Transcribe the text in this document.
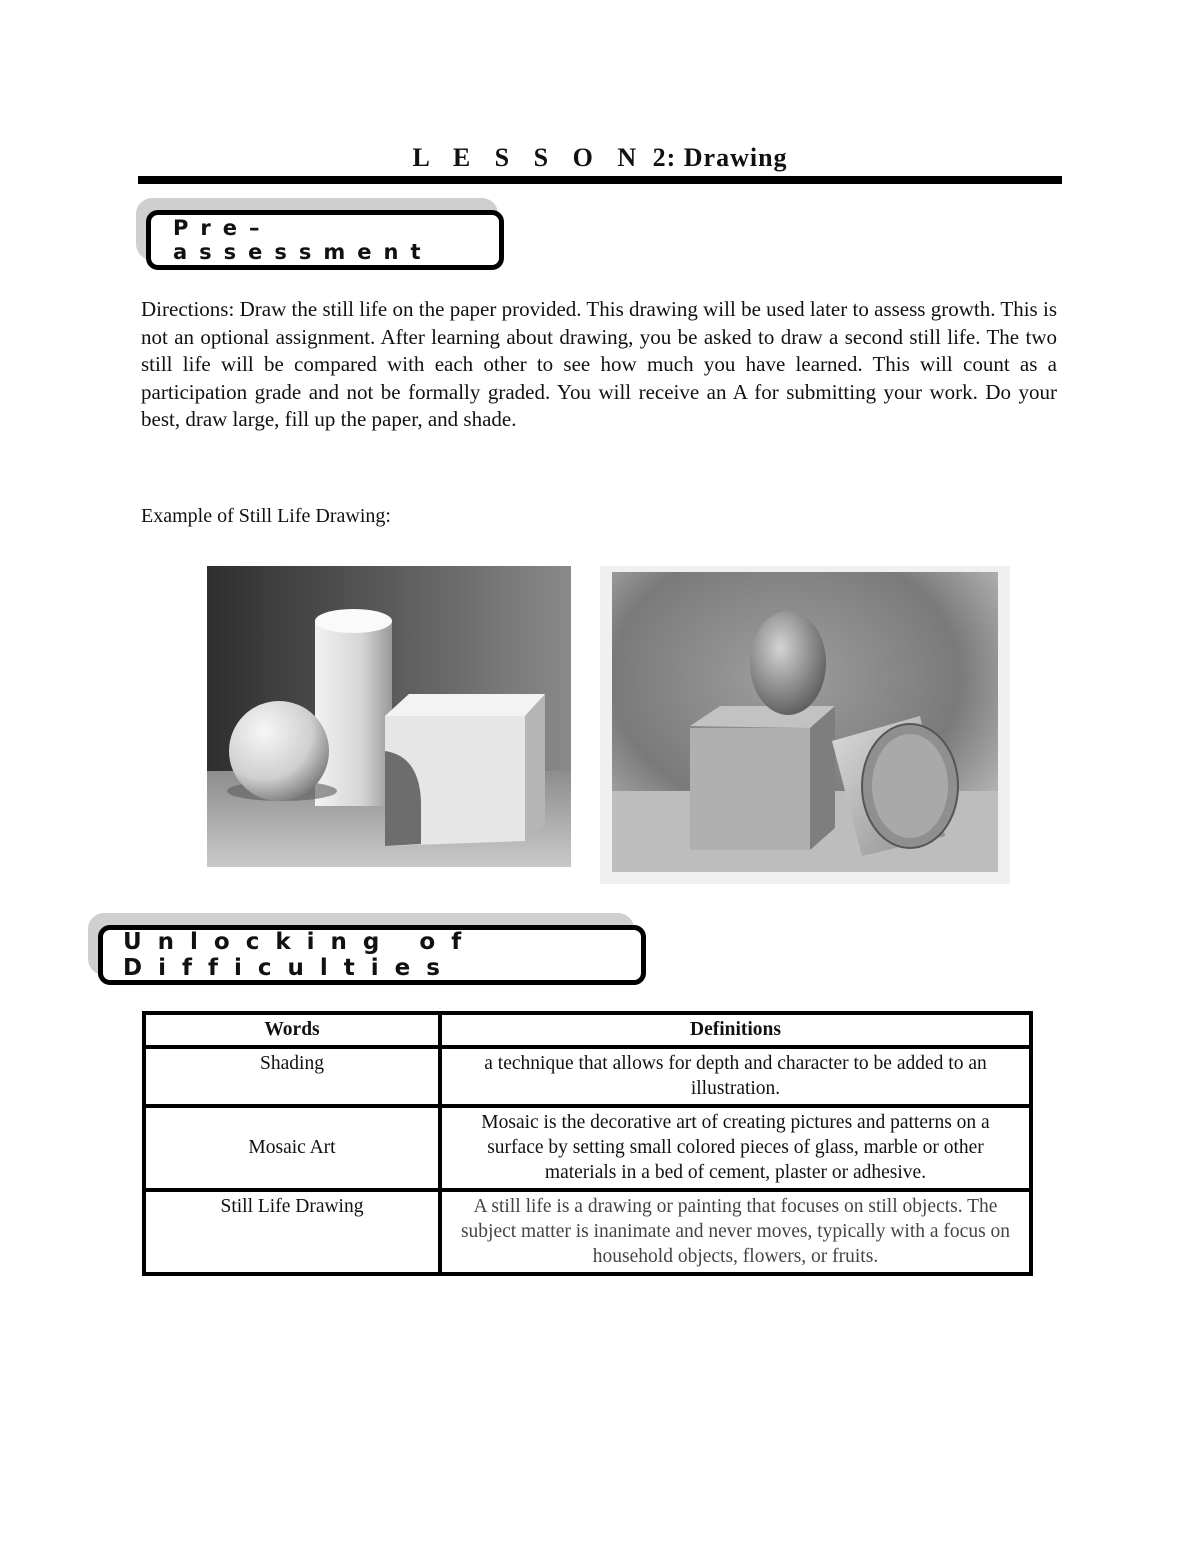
L E S S O N 2: Drawing
Pre–assessment

Directions: Draw the still life on the paper provided. This drawing will be used later to assess growth. This is not an optional assignment. After learning about drawing, you be asked to draw a second still life. The two still life will be compared with each other to see how much you have learned. This will count as a participation grade and not be formally graded. You will receive an A for submitting your work. Do your best, draw large, fill up the paper, and shade.

Example of Still Life Drawing:

Unlocking of Difficulties
Words	Definitions
Shading	a technique that allows for depth and character to be added to an illustration.
Mosaic Art	Mosaic is the decorative art of creating pictures and patterns on a surface by setting small colored pieces of glass, marble or other materials in a bed of cement, plaster or adhesive.
Still Life Drawing	A still life is a drawing or painting that focuses on still objects. The subject matter is inanimate and never moves, typically with a focus on household objects, flowers, or fruits.
